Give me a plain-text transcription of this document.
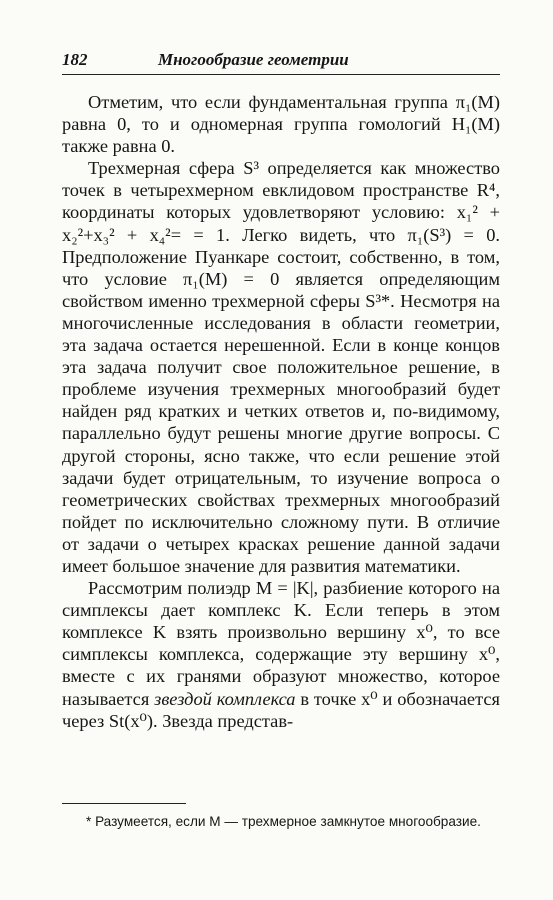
182	Многообразие геометрии

Отметим, что если фундаментальная группа π₁(M) равна 0, то и одномерная группа гомологий H₁(M) также равна 0.

Трехмерная сфера S³ определяется как множество точек в четырехмерном евклидовом пространстве R⁴, координаты которых удовлетворяют условию: x₁² + x₂²+x₃² + x₄²= = 1. Легко видеть, что π₁(S³) = 0. Предположение Пуанкаре состоит, собственно, в том, что условие π₁(M) = 0 является определяющим свойством именно трехмерной сферы S³*. Несмотря на многочисленные исследования в области геометрии, эта задача остается нерешенной. Если в конце концов эта задача получит свое положительное решение, в проблеме изучения трехмерных многообразий будет найден ряд кратких и четких ответов и, по-видимому, параллельно будут решены многие другие вопросы. С другой стороны, ясно также, что если решение этой задачи будет отрицательным, то изучение вопроса о геометрических свойствах трехмерных многообразий пойдет по исключительно сложному пути. В отличие от задачи о четырех красках решение данной задачи имеет большое значение для развития математики.

Рассмотрим полиэдр M = |K|, разбиение которого на симплексы дает комплекс K. Если теперь в этом комплексе K взять произвольно вершину x⁰, то все симплексы комплекса, содержащие эту вершину x⁰, вместе с их гранями образуют множество, которое называется звездой комплекса в точке x⁰ и обозначается через St(x⁰). Звезда представ-

* Разумеется, если M — трехмерное замкнутое многообразие.
